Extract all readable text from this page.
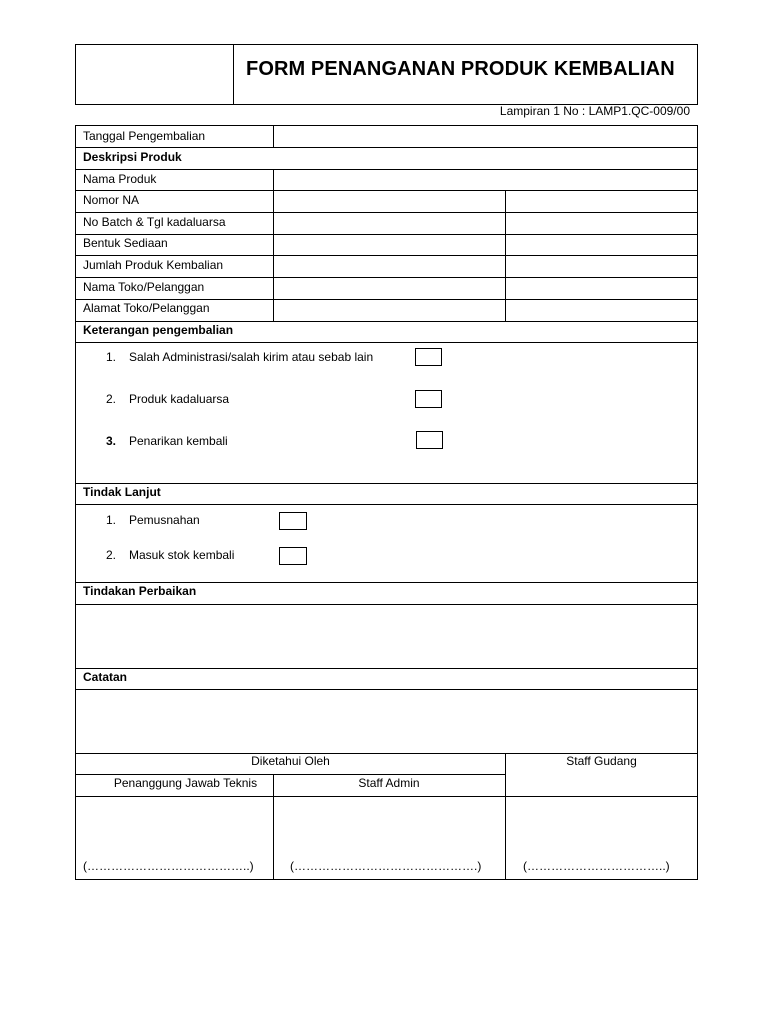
FORM PENANGANAN PRODUK KEMBALIAN
Lampiran 1 No : LAMP1.QC-009/00
Tanggal Pengembalian
Deskripsi Produk
Nama Produk
Nomor NA
No Batch & Tgl kadaluarsa
Bentuk Sediaan
Jumlah Produk Kembalian
Nama Toko/Pelanggan
Alamat Toko/Pelanggan
Keterangan pengembalian
1. Salah Administrasi/salah kirim atau sebab lain
2. Produk kadaluarsa
3. Penarikan kembali
Tindak Lanjut
1. Pemusnahan
2. Masuk stok kembali
Tindakan Perbaikan
Catatan
Diketahui Oleh	Staff Gudang
Penanggung Jawab Teknis	Staff Admin
(…………………………………..)	(……………………………………….)	(……………………………..)
